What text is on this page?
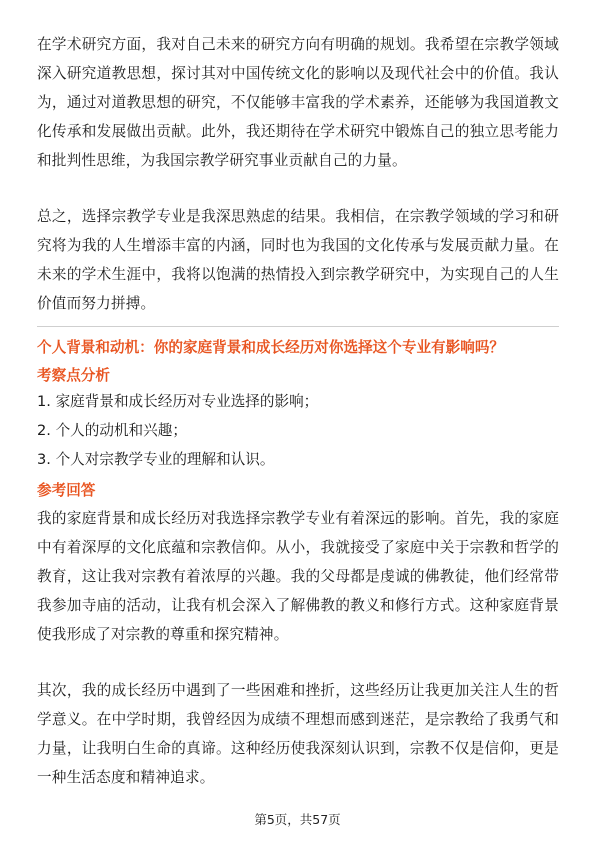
在学术研究方面，我对自己未来的研究方向有明确的规划。我希望在宗教学领域深入研究道教思想，探讨其对中国传统文化的影响以及现代社会中的价值。我认为，通过对道教思想的研究，不仅能够丰富我的学术素养，还能够为我国道教文化传承和发展做出贡献。此外，我还期待在学术研究中锻炼自己的独立思考能力和批判性思维，为我国宗教学研究事业贡献自己的力量。

总之，选择宗教学专业是我深思熟虑的结果。我相信，在宗教学领域的学习和研究将为我的人生增添丰富的内涵，同时也为我国的文化传承与发展贡献力量。在未来的学术生涯中，我将以饱满的热情投入到宗教学研究中，为实现自己的人生价值而努力拼搏。

个人背景和动机：你的家庭背景和成长经历对你选择这个专业有影响吗？

考察点分析

1. 家庭背景和成长经历对专业选择的影响；
2. 个人的动机和兴趣；
3. 个人对宗教学专业的理解和认识。

参考回答

我的家庭背景和成长经历对我选择宗教学专业有着深远的影响。首先，我的家庭中有着深厚的文化底蕴和宗教信仰。从小，我就接受了家庭中关于宗教和哲学的教育，这让我对宗教有着浓厚的兴趣。我的父母都是虔诚的佛教徒，他们经常带我参加寺庙的活动，让我有机会深入了解佛教的教义和修行方式。这种家庭背景使我形成了对宗教的尊重和探究精神。

其次，我的成长经历中遇到了一些困难和挫折，这些经历让我更加关注人生的哲学意义。在中学时期，我曾经因为成绩不理想而感到迷茫，是宗教给了我勇气和力量，让我明白生命的真谛。这种经历使我深刻认识到，宗教不仅是信仰，更是一种生活态度和精神追求。

第5页，共57页
